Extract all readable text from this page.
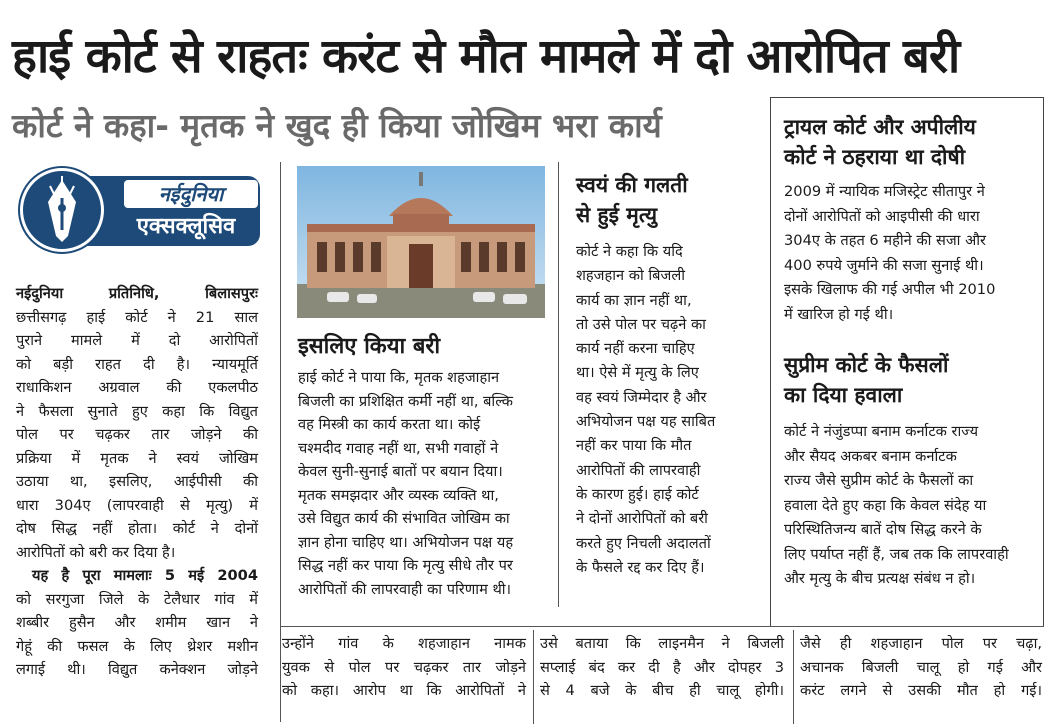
हाई कोर्ट से राहतः करंट से मौत मामले में दो आरोपित बरी
कोर्ट ने कहा- मृतक ने खुद ही किया जोखिम भरा कार्य
नईदुनिया
एक्सक्लूसिव

नईदुनिया प्रतिनिधि, बिलासपुरः

छत्तीसगढ़ हाई कोर्ट ने 21 साल

पुराने मामले में दो आरोपितों

को बड़ी राहत दी है। न्यायमूर्ति

राधाकिशन अग्रवाल की एकलपीठ

ने फैसला सुनाते हुए कहा कि विद्युत

पोल पर चढ़कर तार जोड़ने की

प्रक्रिया में मृतक ने स्वयं जोखिम

उठाया था, इसलिए, आईपीसी की

धारा 304ए (लापरवाही से मृत्यु) में

दोष सिद्ध नहीं होता। कोर्ट ने दोनों

आरोपितों को बरी कर दिया है।

यह है पूरा मामलाः 5 मई 2004

को सरगुजा जिले के टेलैधार गांव में

शब्बीर हुसैन और शमीम खान ने

गेहूं की फसल के लिए थ्रेशर मशीन

लगाई थी। विद्युत कनेक्शन जोड़ने

इसलिए किया बरी

हाई कोर्ट ने पाया कि, मृतक शहजाहान

बिजली का प्रशिक्षित कर्मी नहीं था, बल्कि

वह मिस्त्री का कार्य करता था। कोई

चश्मदीद गवाह नहीं था, सभी गवाहों ने

केवल सुनी-सुनाई बातों पर बयान दिया।

मृतक समझदार और व्यस्क व्यक्ति था,

उसे विद्युत कार्य की संभावित जोखिम का

ज्ञान होना चाहिए था। अभियोजन पक्ष यह

सिद्ध नहीं कर पाया कि मृत्यु सीधे तौर पर

आरोपितों की लापरवाही का परिणाम थी।

स्वयं की गलती

से हुई मृत्यु

कोर्ट ने कहा कि यदि

शहजहान को बिजली

कार्य का ज्ञान नहीं था,

तो उसे पोल पर चढ़ने का

कार्य नहीं करना चाहिए

था। ऐसे में मृत्यु के लिए

वह स्वयं जिम्मेदार है और

अभियोजन पक्ष यह साबित

नहीं कर पाया कि मौत

आरोपितों की लापरवाही

के कारण हुई। हाई कोर्ट

ने दोनों आरोपितों को बरी

करते हुए निचली अदालतों

के फैसले रद्द कर दिए हैं।

ट्रायल कोर्ट और अपीलीय

कोर्ट ने ठहराया था दोषी

2009 में न्यायिक मजिस्ट्रेट सीतापुर ने

दोनों आरोपितों को आइपीसी की धारा

304ए के तहत 6 महीने की सजा और

400 रुपये जुर्माने की सजा सुनाई थी।

इसके खिलाफ की गई अपील भी 2010

में खारिज हो गई थी।

सुप्रीम कोर्ट के फैसलों

का दिया हवाला

कोर्ट ने नंजुंडप्पा बनाम कर्नाटक राज्य

और सैयद अकबर बनाम कर्नाटक

राज्य जैसे सुप्रीम कोर्ट के फैसलों का

हवाला देते हुए कहा कि केवल संदेह या

परिस्थितिजन्य बातें दोष सिद्ध करने के

लिए पर्याप्त नहीं हैं, जब तक कि लापरवाही

और मृत्यु के बीच प्रत्यक्ष संबंध न हो।

उन्होंने गांव के शहजाहान नामक

युवक से पोल पर चढ़कर तार जोड़ने

को कहा। आरोप था कि आरोपितों ने

उसे बताया कि लाइनमैन ने बिजली

सप्लाई बंद कर दी है और दोपहर 3

से 4 बजे के बीच ही चालू होगी।

जैसे ही शहजाहान पोल पर चढ़ा,

अचानक बिजली चालू हो गई और

करंट लगने से उसकी मौत हो गई।
